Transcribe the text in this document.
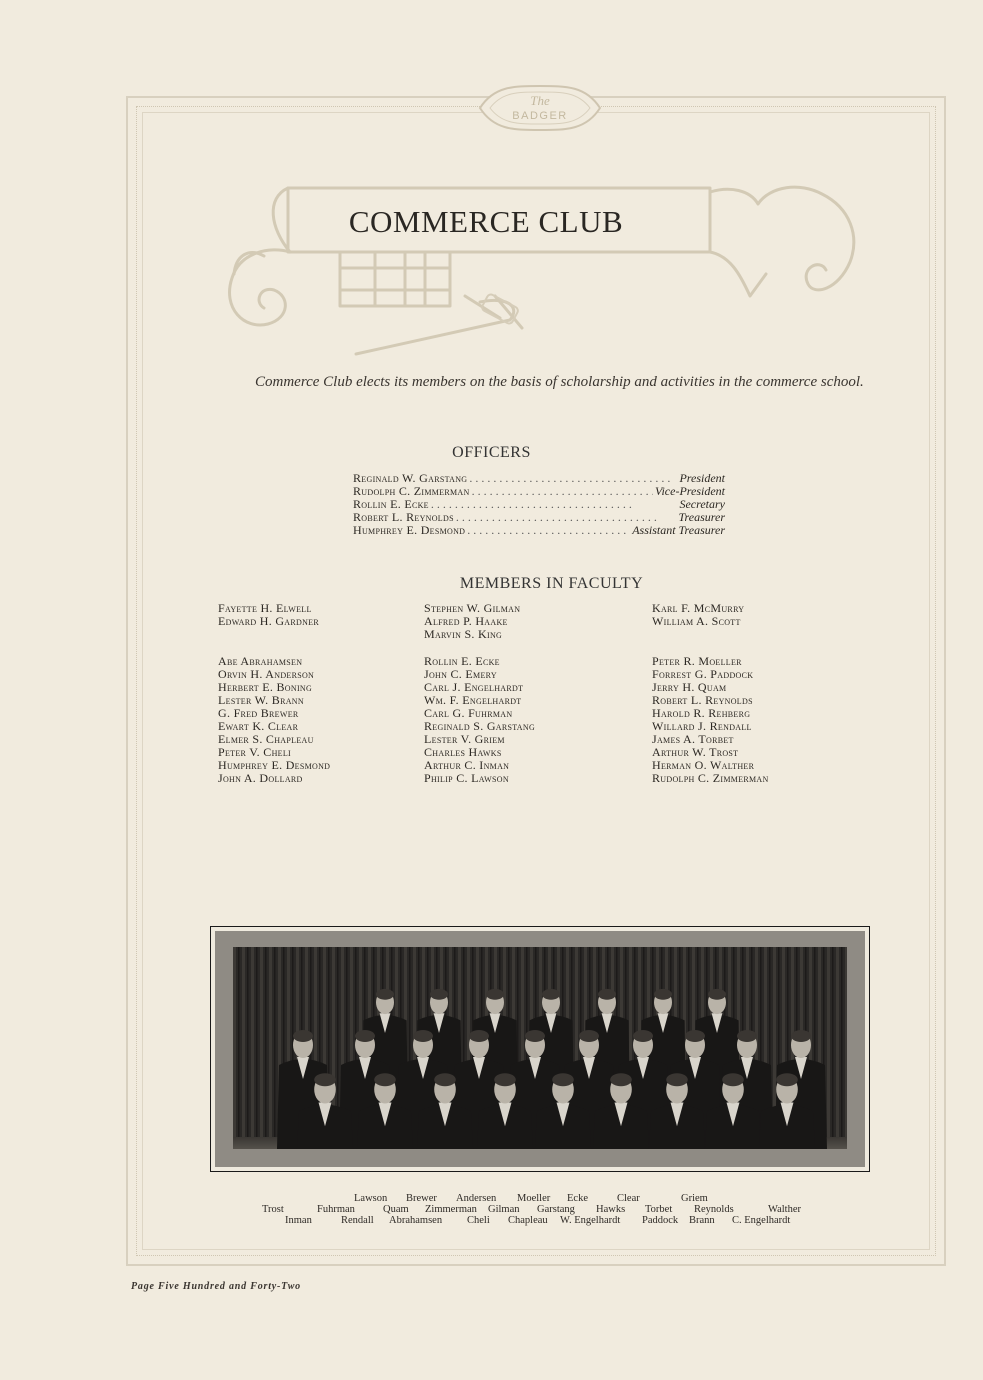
The
BADGER
COMMERCE CLUB
Commerce Club elects its members on the basis of scholarship and activities in the commerce school.
OFFICERS
Reginald W. Garstang . . .	President
Rudolph C. Zimmerman . . .	Vice-President
Rollin E. Ecke . . .	Secretary
Robert L. Reynolds . . .	Treasurer
Humphrey E. Desmond . . .	Assistant Treasurer
MEMBERS IN FACULTY
Fayette H. Elwell
Edward H. Gardner
Stephen W. Gilman
Alfred P. Haake
Marvin S. King
Karl F. McMurry
William A. Scott
Abe Abrahamsen
Orvin H. Anderson
Herbert E. Boning
Lester W. Brann
G. Fred Brewer
Ewart K. Clear
Elmer S. Chapleau
Peter V. Cheli
Humphrey E. Desmond
John A. Dollard
Rollin E. Ecke
John C. Emery
Carl J. Engelhardt
Wm. F. Engelhardt
Carl G. Fuhrman
Reginald S. Garstang
Lester V. Griem
Charles Hawks
Arthur C. Inman
Philip C. Lawson
Peter R. Moeller
Forrest G. Paddock
Jerry H. Quam
Robert L. Reynolds
Harold R. Rehberg
Willard J. Rendall
James A. Torbet
Arthur W. Trost
Herman O. Walther
Rudolph C. Zimmerman
Lawson Brewer Andersen Moeller Ecke	Clear	Griem
Trost	Fuhrman	Quam Zimmerman Gilman Garstang Hawks Torbet Reynolds	Walther
Inman	Rendall Abrahamsen Cheli Chapleau W. Engelhardt Paddock Brann C. Engelhardt
Page Five Hundred and Forty-Two
